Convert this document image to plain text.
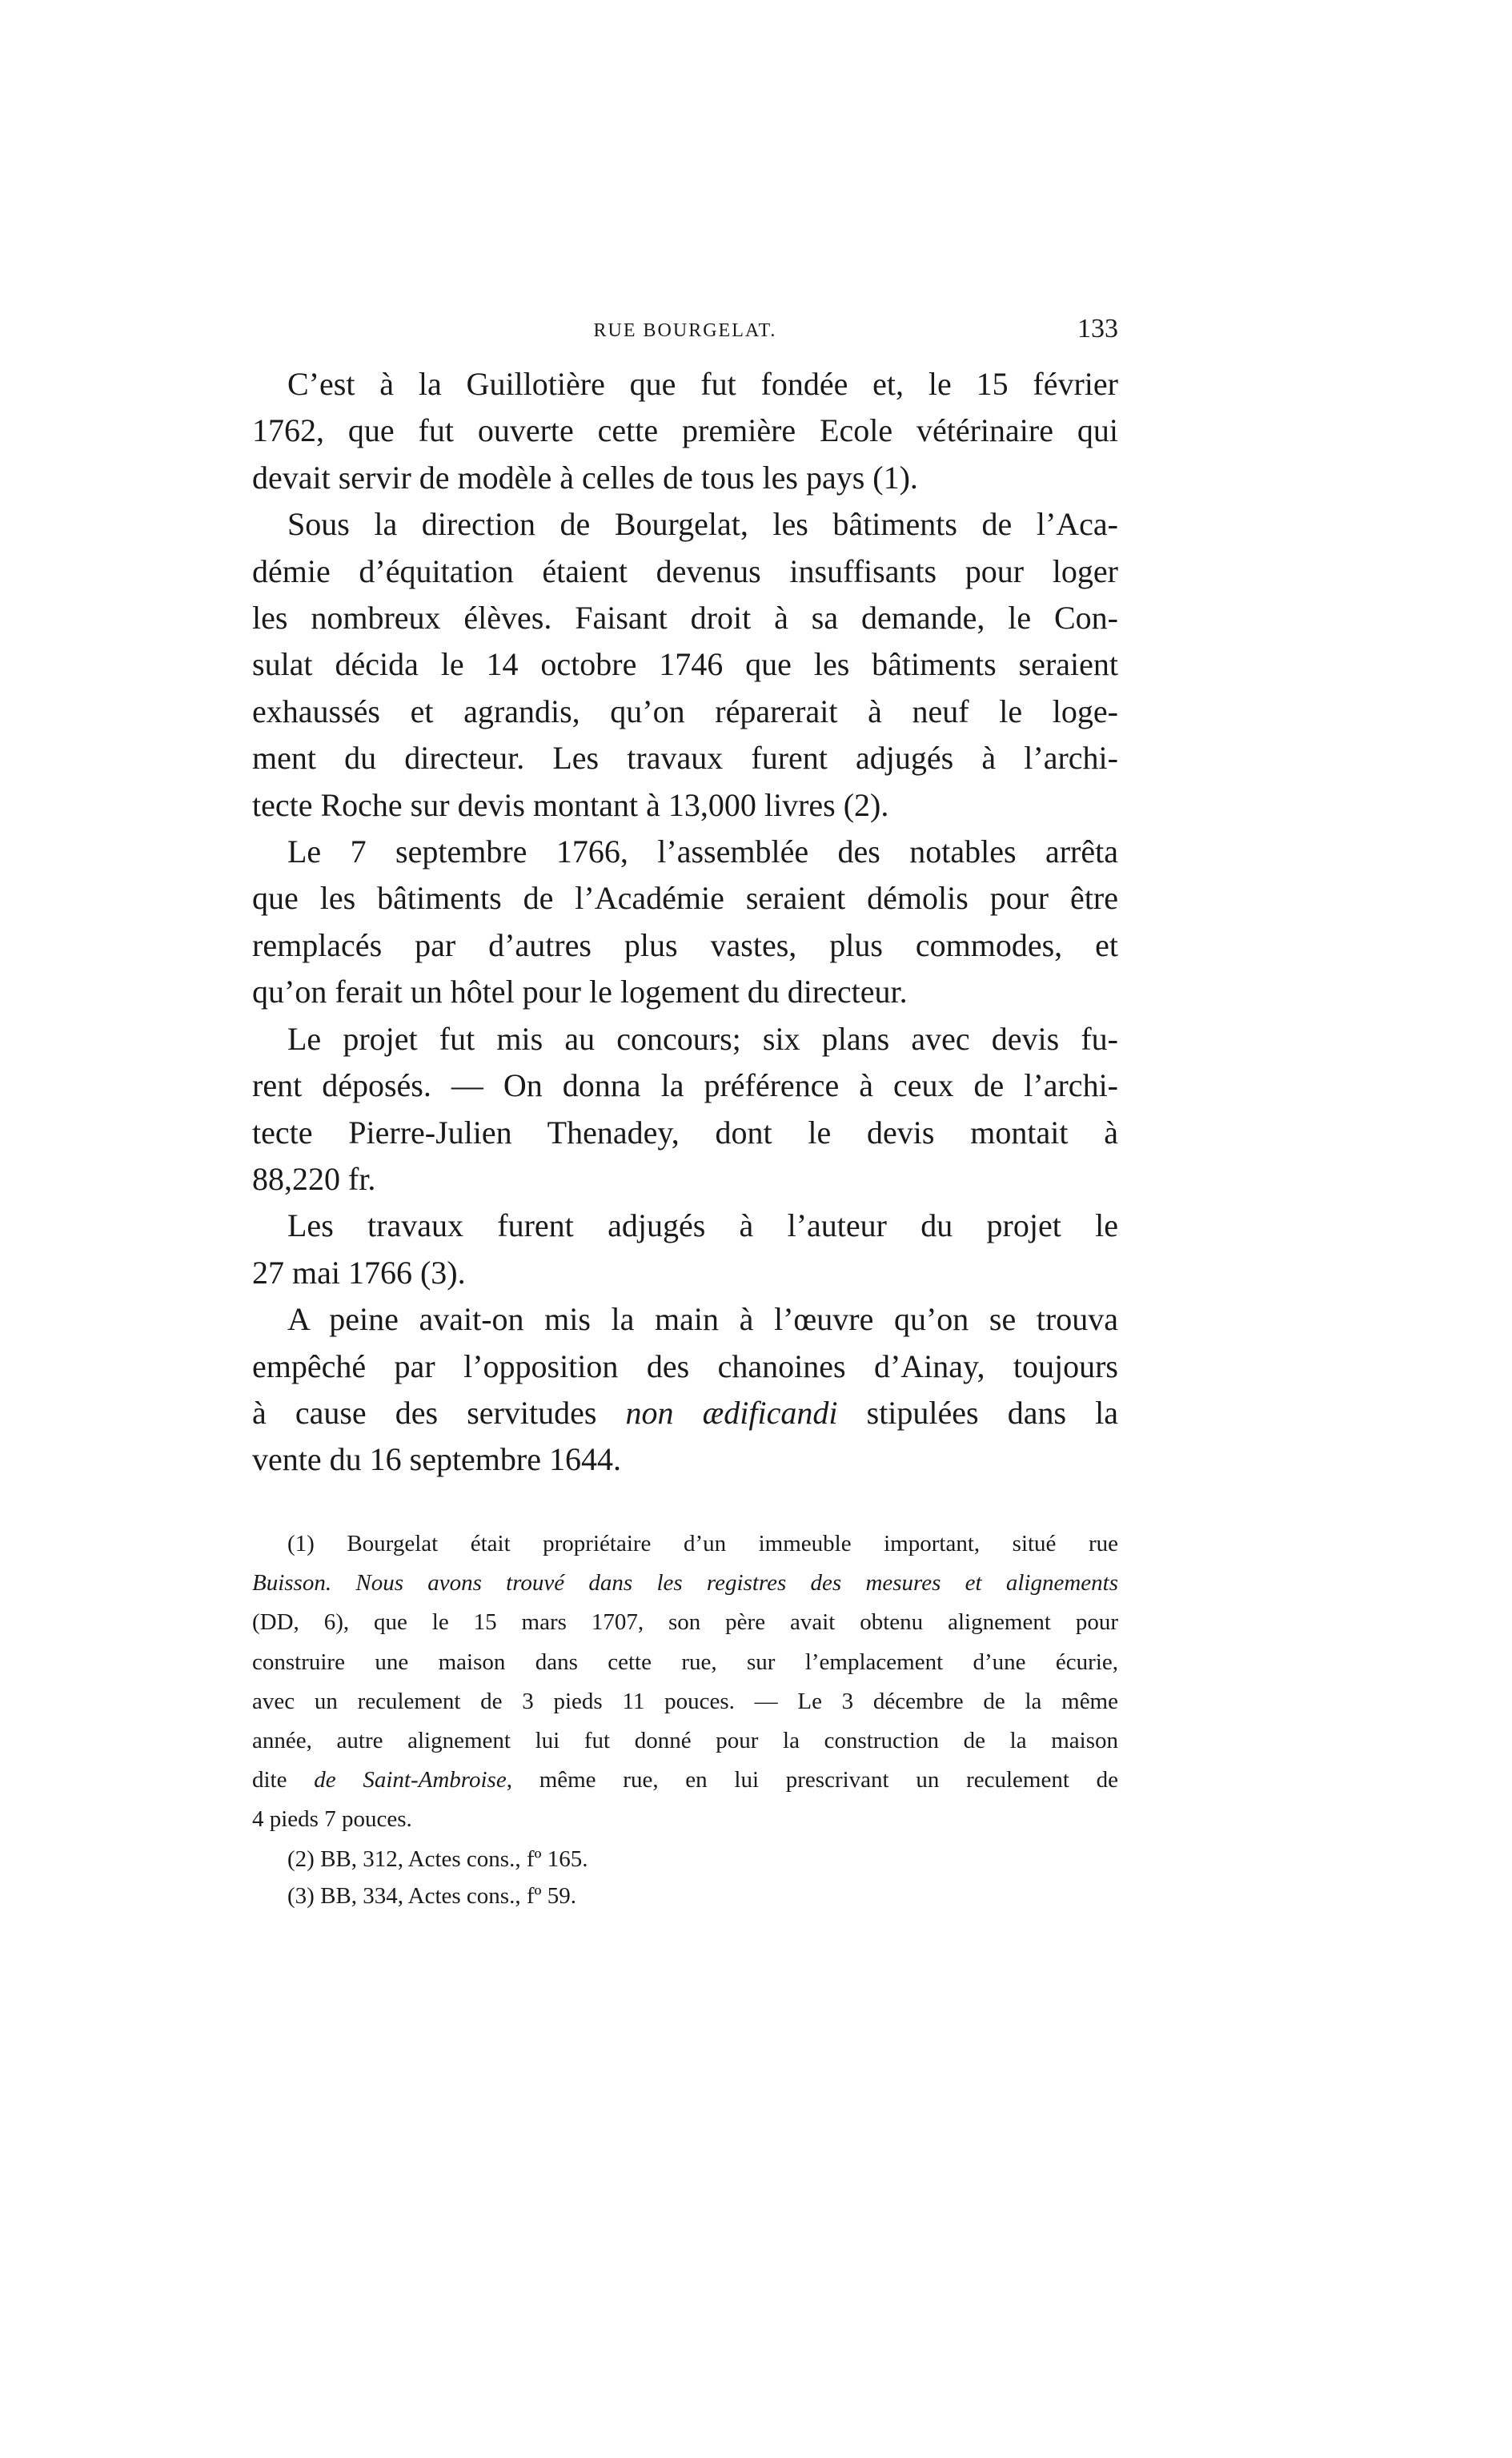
RUE BOURGELAT.	133
C’est à la Guillotière que fut fondée et, le 15 février
1762, que fut ouverte cette première Ecole vétérinaire qui
devait servir de modèle à celles de tous les pays (1).
Sous la direction de Bourgelat, les bâtiments de l’Aca-
démie d’équitation étaient devenus insuffisants pour loger
les nombreux élèves. Faisant droit à sa demande, le Con-
sulat décida le 14 octobre 1746 que les bâtiments seraient
exhaussés et agrandis, qu’on réparerait à neuf le loge-
ment du directeur. Les travaux furent adjugés à l’archi-
tecte Roche sur devis montant à 13,000 livres (2).
Le 7 septembre 1766, l’assemblée des notables arrêta
que les bâtiments de l’Académie seraient démolis pour être
remplacés par d’autres plus vastes, plus commodes, et
qu’on ferait un hôtel pour le logement du directeur.
Le projet fut mis au concours; six plans avec devis fu-
rent déposés. — On donna la préférence à ceux de l’archi-
tecte Pierre-Julien Thenadey, dont le devis montait à
88,220 fr.
Les travaux furent adjugés à l’auteur du projet le
27 mai 1766 (3).
A peine avait-on mis la main à l’œuvre qu’on se trouva
empêché par l’opposition des chanoines d’Ainay, toujours
à cause des servitudes non ædificandi stipulées dans la
vente du 16 septembre 1644.
(1) Bourgelat était propriétaire d’un immeuble important, situé rue
Buisson. Nous avons trouvé dans les registres des mesures et alignements
(DD, 6), que le 15 mars 1707, son père avait obtenu alignement pour
construire une maison dans cette rue, sur l’emplacement d’une écurie,
avec un reculement de 3 pieds 11 pouces. — Le 3 décembre de la même
année, autre alignement lui fut donné pour la construction de la maison
dite de Saint-Ambroise, même rue, en lui prescrivant un reculement de
4 pieds 7 pouces.
(2) BB, 312, Actes cons., fº 165.
(3) BB, 334, Actes cons., fº 59.
